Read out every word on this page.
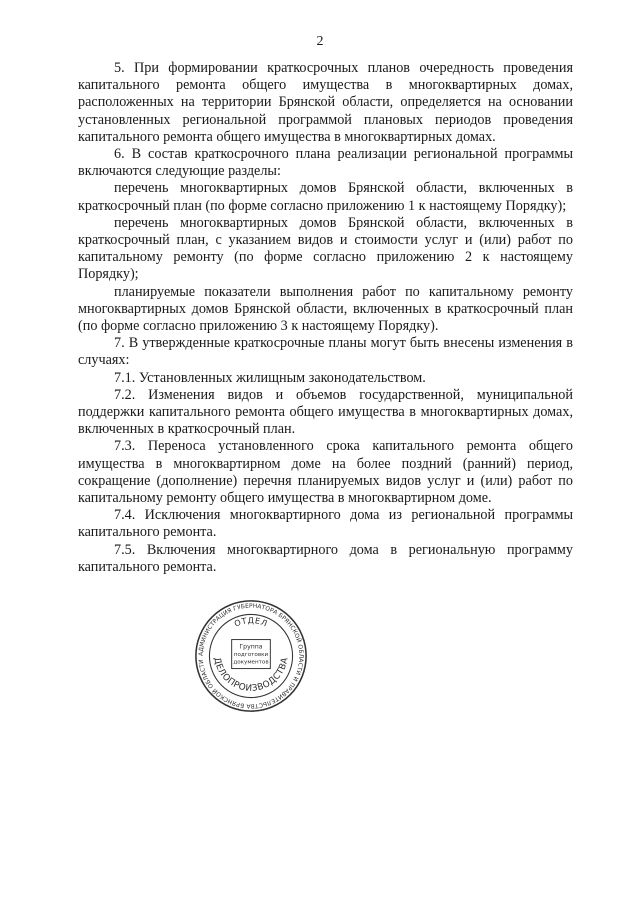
2

5. При формировании краткосрочных планов очередность проведения капитального ремонта общего имущества в многоквартирных домах, расположенных на территории Брянской области, определяется на основании установленных региональной программой плановых периодов проведения капитального ремонта общего имущества в многоквартирных домах.

6. В состав краткосрочного плана реализации региональной программы включаются следующие разделы:

перечень многоквартирных домов Брянской области, включенных в краткосрочный план (по форме согласно приложению 1 к настоящему Порядку);

перечень многоквартирных домов Брянской области, включенных в краткосрочный план, с указанием видов и стоимости услуг и (или) работ по капитальному ремонту (по форме согласно приложению 2 к настоящему Порядку);

планируемые показатели выполнения работ по капитальному ремонту многоквартирных домов Брянской области, включенных в краткосрочный план (по форме согласно приложению 3 к настоящему Порядку).

7. В утвержденные краткосрочные планы могут быть внесены изменения в случаях:

7.1. Установленных жилищным законодательством.

7.2. Изменения видов и объемов государственной, муниципальной поддержки капитального ремонта общего имущества в многоквартирных домах, включенных в краткосрочный план.

7.3. Переноса установленного срока капитального ремонта общего имущества в многоквартирном доме на более поздний (ранний) период, сокращение (дополнение) перечня планируемых видов услуг и (или) работ по капитальному ремонту общего имущества в многоквартирном доме.

7.4. Исключения многоквартирного дома из региональной программы капитального ремонта.

7.5. Включения многоквартирного дома в региональную программу капитального ремонта.

АДМИНИСТРАЦИЯ ГУБЕРНАТОРА БРЯНСКОЙ ОБЛАСТИ И ПРАВИТЕЛЬСТВА БРЯНСКОЙ ОБЛАСТИ
ОТДЕЛ
ДЕЛОПРОИЗВОДСТВА
Группа
подготовки
документов
